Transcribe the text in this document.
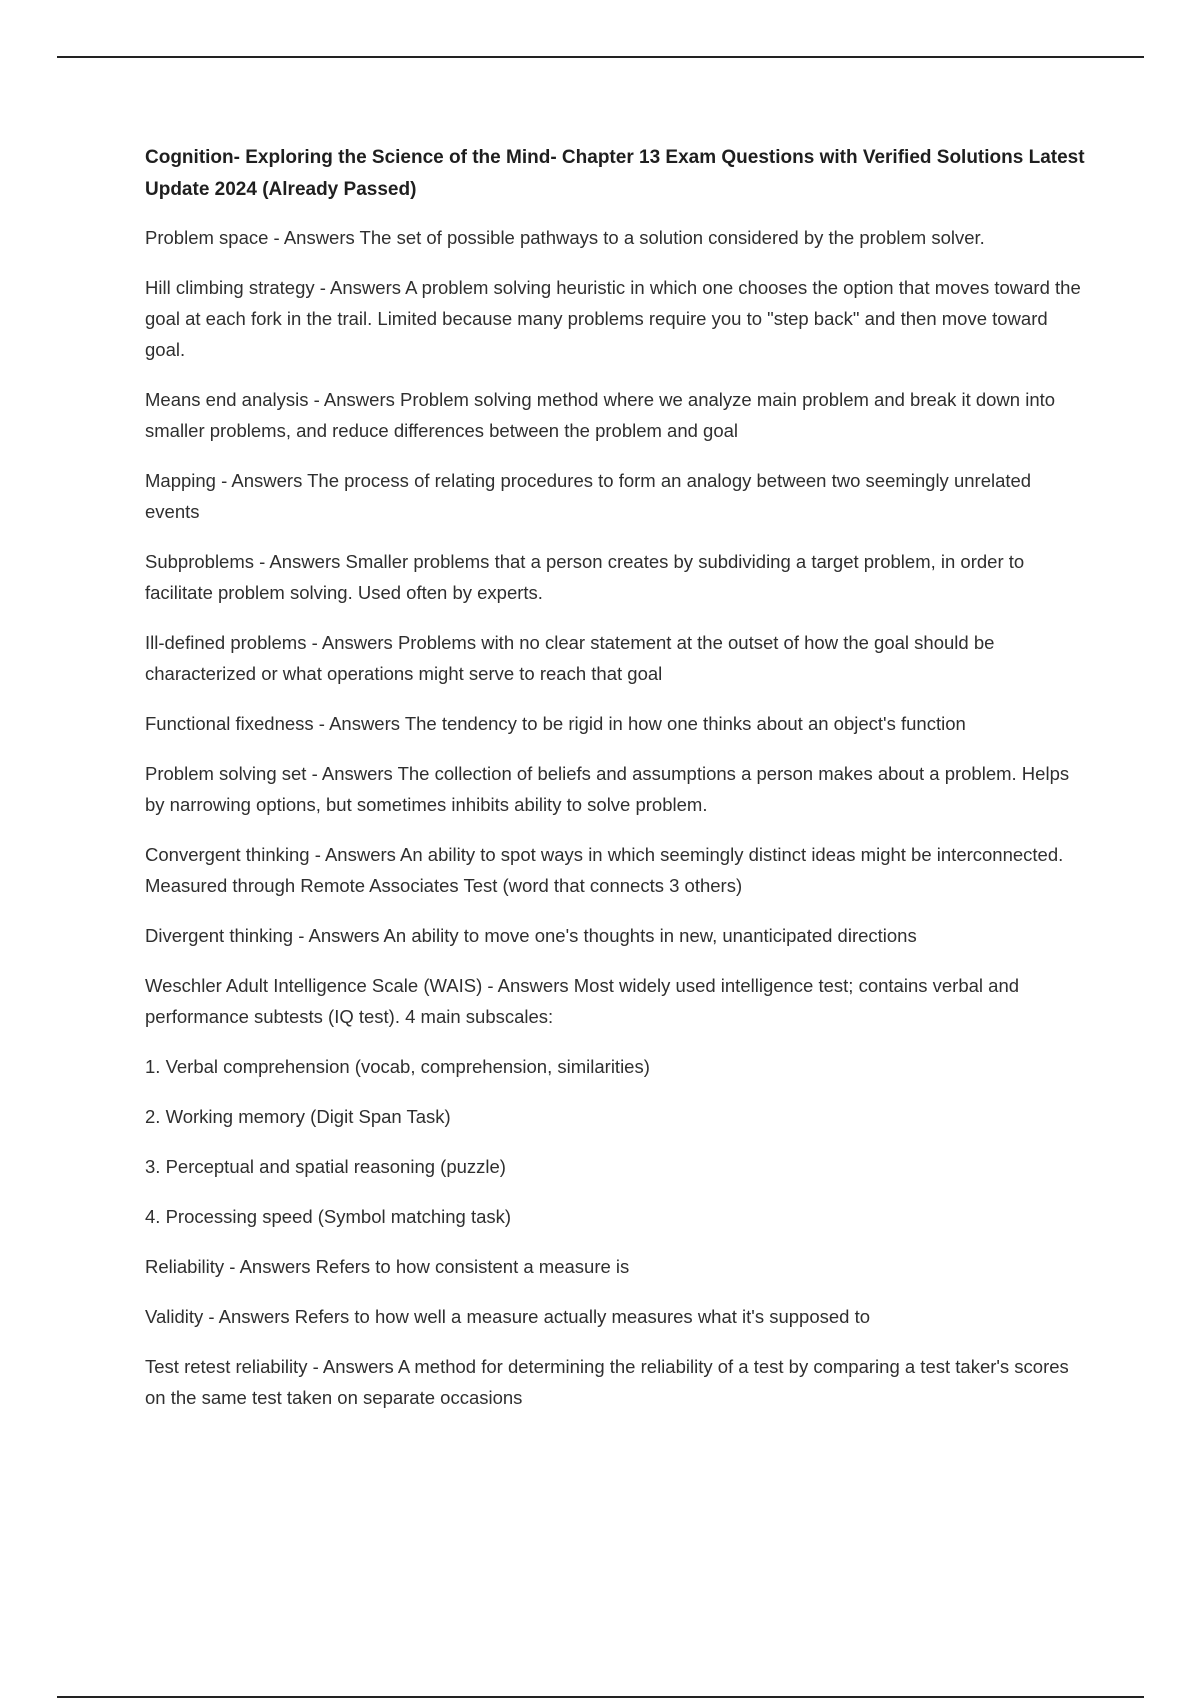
Cognition- Exploring the Science of the Mind- Chapter 13 Exam Questions with Verified Solutions Latest Update 2024 (Already Passed)
Problem space - Answers The set of possible pathways to a solution considered by the problem solver.
Hill climbing strategy - Answers A problem solving heuristic in which one chooses the option that moves toward the goal at each fork in the trail. Limited because many problems require you to "step back" and then move toward goal.
Means end analysis - Answers Problem solving method where we analyze main problem and break it down into smaller problems, and reduce differences between the problem and goal
Mapping - Answers The process of relating procedures to form an analogy between two seemingly unrelated events
Subproblems - Answers Smaller problems that a person creates by subdividing a target problem, in order to facilitate problem solving. Used often by experts.
Ill-defined problems - Answers Problems with no clear statement at the outset of how the goal should be characterized or what operations might serve to reach that goal
Functional fixedness - Answers The tendency to be rigid in how one thinks about an object's function
Problem solving set - Answers The collection of beliefs and assumptions a person makes about a problem. Helps by narrowing options, but sometimes inhibits ability to solve problem.
Convergent thinking - Answers An ability to spot ways in which seemingly distinct ideas might be interconnected. Measured through Remote Associates Test (word that connects 3 others)
Divergent thinking - Answers An ability to move one's thoughts in new, unanticipated directions
Weschler Adult Intelligence Scale (WAIS) - Answers Most widely used intelligence test; contains verbal and performance subtests (IQ test). 4 main subscales:
1. Verbal comprehension (vocab, comprehension, similarities)
2. Working memory (Digit Span Task)
3. Perceptual and spatial reasoning (puzzle)
4. Processing speed (Symbol matching task)
Reliability - Answers Refers to how consistent a measure is
Validity - Answers Refers to how well a measure actually measures what it's supposed to
Test retest reliability - Answers A method for determining the reliability of a test by comparing a test taker's scores on the same test taken on separate occasions
